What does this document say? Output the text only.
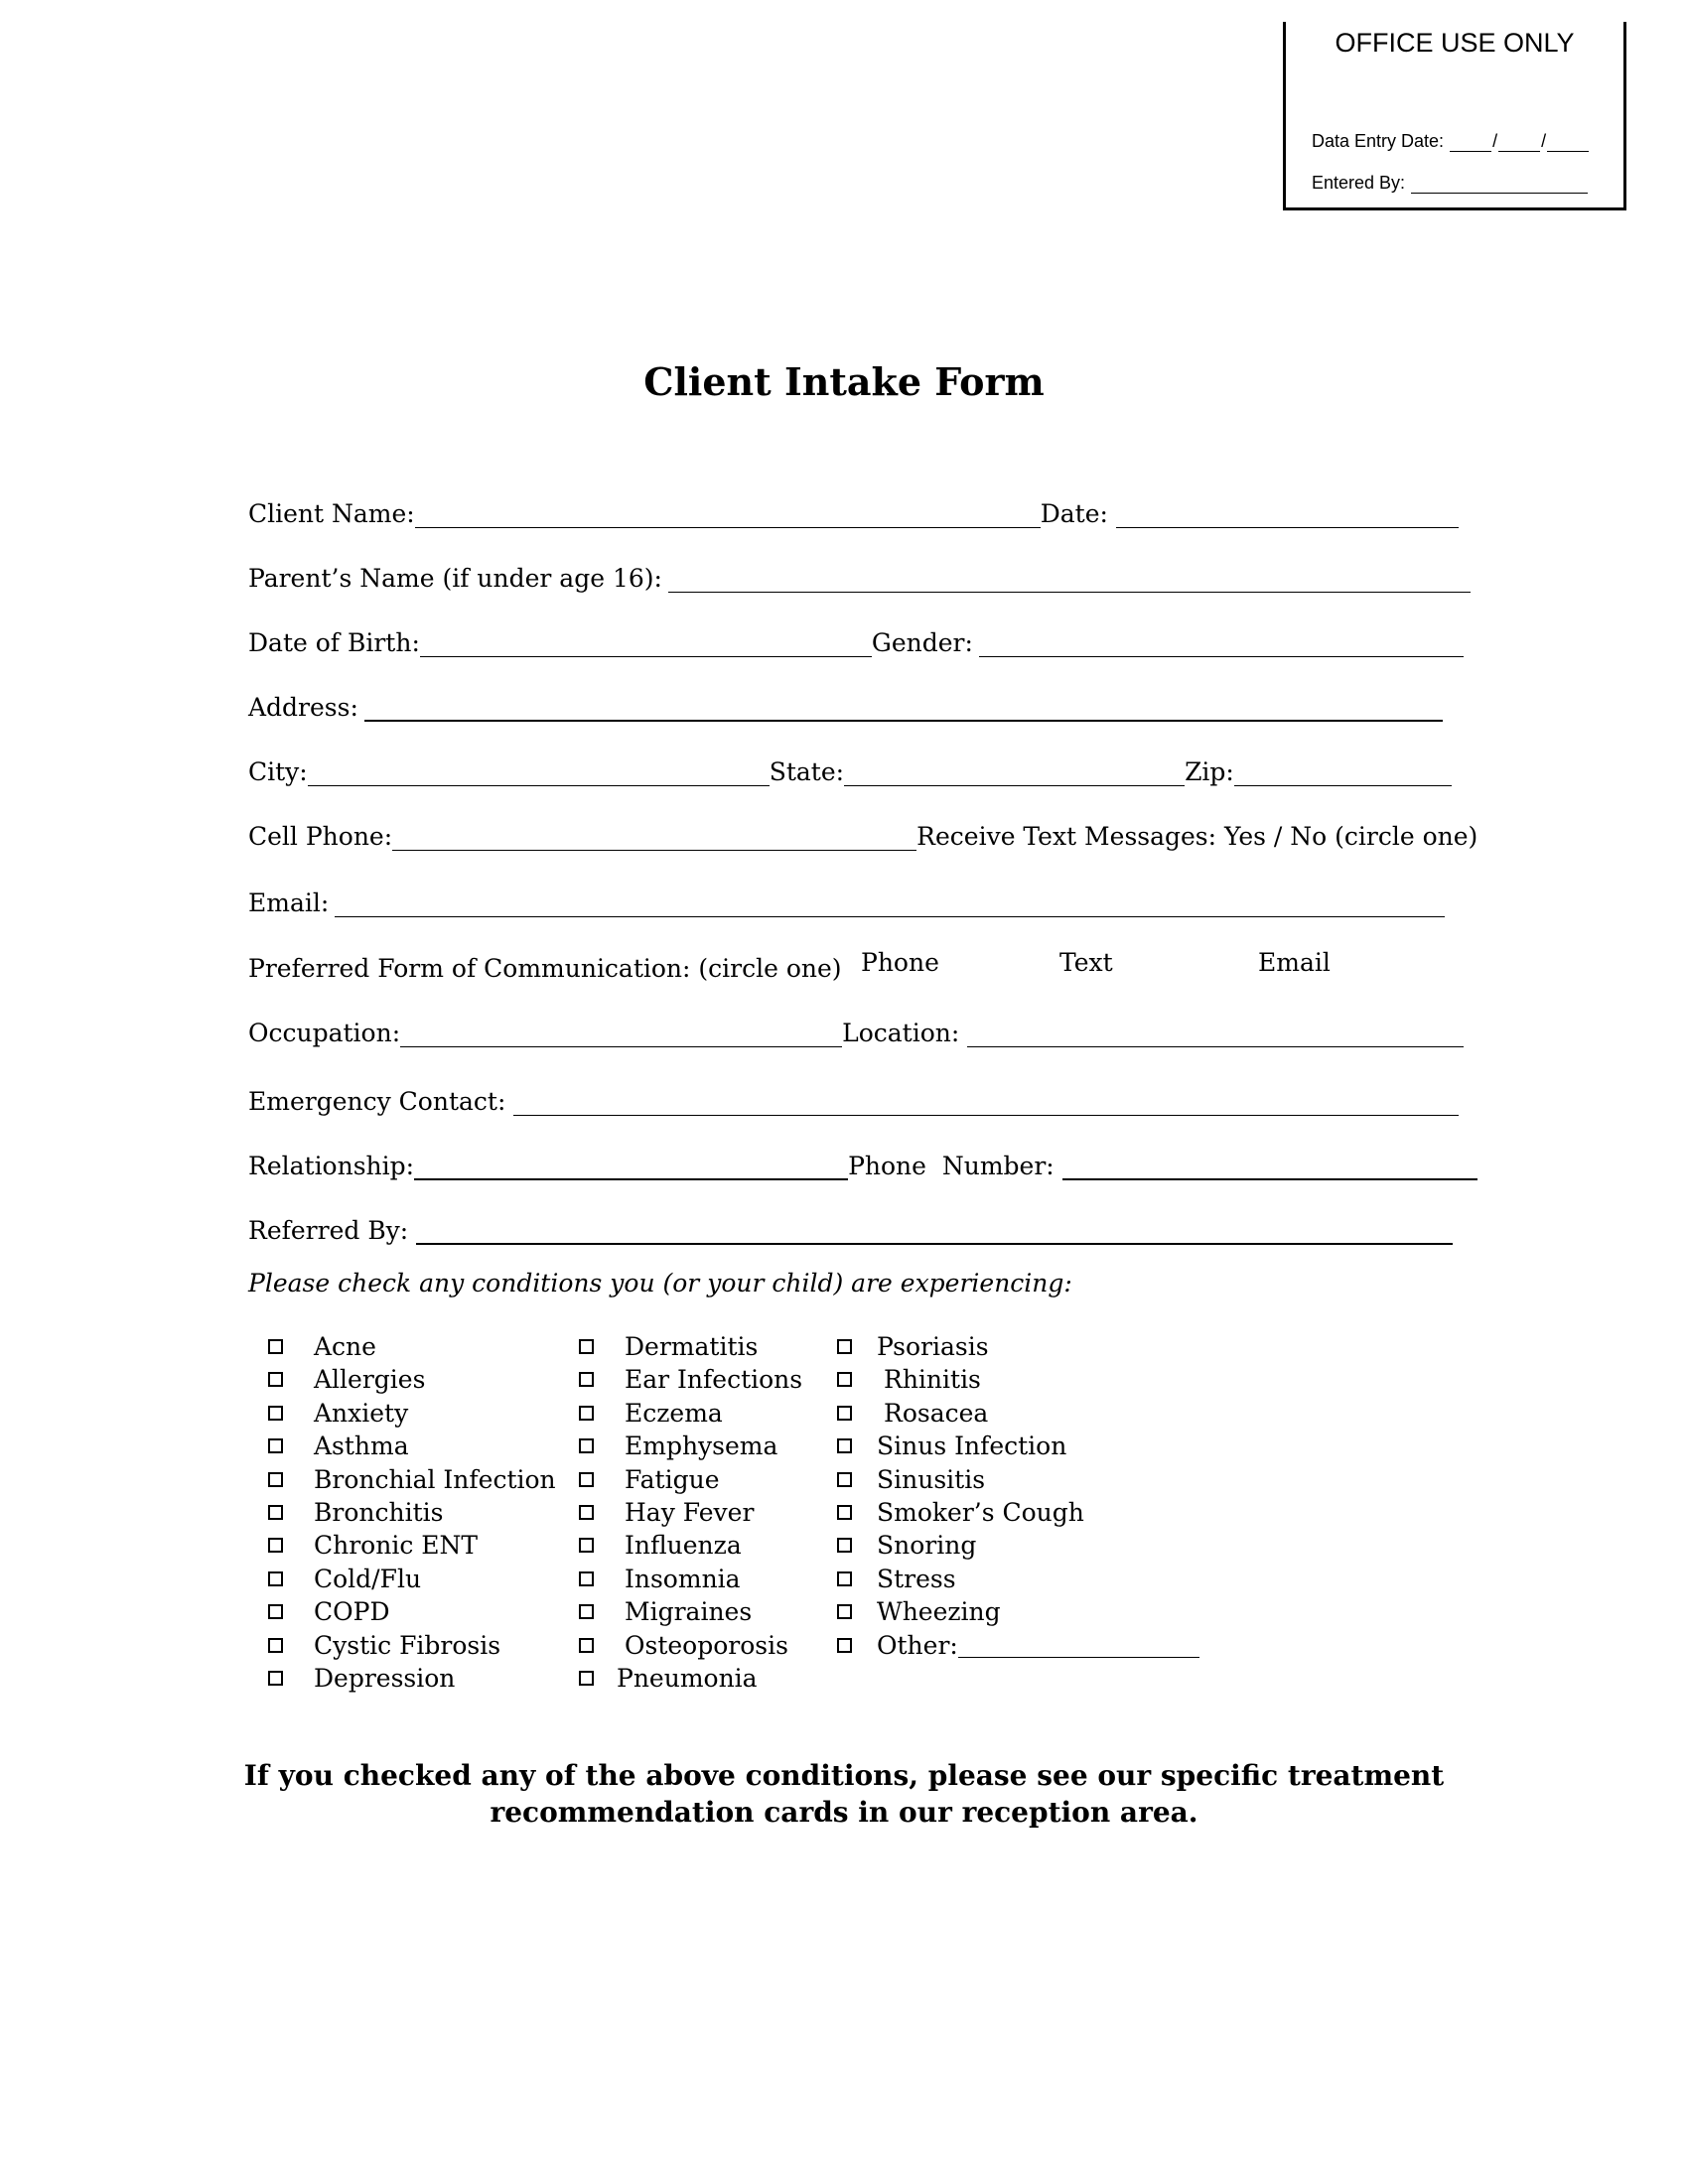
OFFICE USE ONLY
Data Entry Date:	/ /
Entered By:
Client Intake Form
Client Name:	Date:
Parent’s Name (if under age 16):
Date of Birth:	Gender:
Address:
City:	State:	Zip:
Cell Phone:	Receive Text Messages: Yes / No (circle one)
Email:
Preferred Form of Communication: (circle one) Phone	Text	Email
Occupation:	Location:
Emergency Contact:
Relationship:	Phone  Number:
Referred By:
Please check any conditions you (or your child) are experiencing:
Acne
Allergies
Anxiety
Asthma
Bronchial Infection
Bronchitis
Chronic ENT
Cold/Flu
COPD
Cystic Fibrosis
Depression
Dermatitis
Ear Infections
Eczema
Emphysema
Fatigue
Hay Fever
Influenza
Insomnia
Migraines
Osteoporosis
Pneumonia
Psoriasis
Rhinitis
Rosacea
Sinus Infection
Sinusitis
Smoker’s Cough
Snoring
Stress
Wheezing
Other:
If you checked any of the above conditions, please see our specific treatment
recommendation cards in our reception area.
